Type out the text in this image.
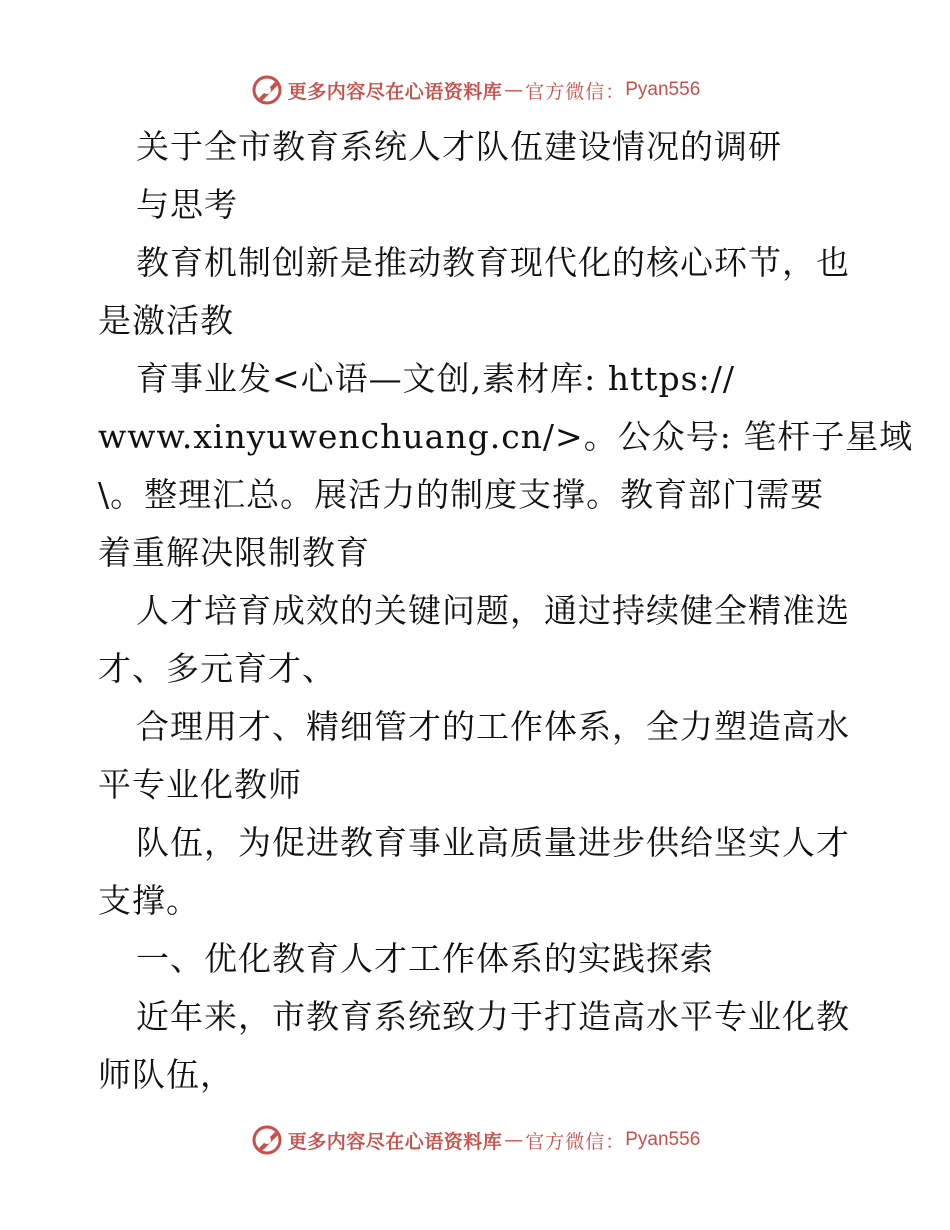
更多内容尽在心语资料库 — 官方微信： Pyan556
关于全市教育系统人才队伍建设情况的调研
与思考
教育机制创新是推动教育现代化的核心环节，也
是激活教
育事业发<心语—文创,素材库: https://
www.xinyuwenchuang.cn/>。公众号: 笔杆子星域
\。整理汇总。展活力的制度支撑。教育部门需要
着重解决限制教育
人才培育成效的关键问题，通过持续健全精准选
才、多元育才、
合理用才、精细管才的工作体系，全力塑造高水
平专业化教师
队伍，为促进教育事业高质量进步供给坚实人才
支撑。
一、优化教育人才工作体系的实践探索
近年来，市教育系统致力于打造高水平专业化教
师队伍，
更多内容尽在心语资料库 — 官方微信： Pyan556
